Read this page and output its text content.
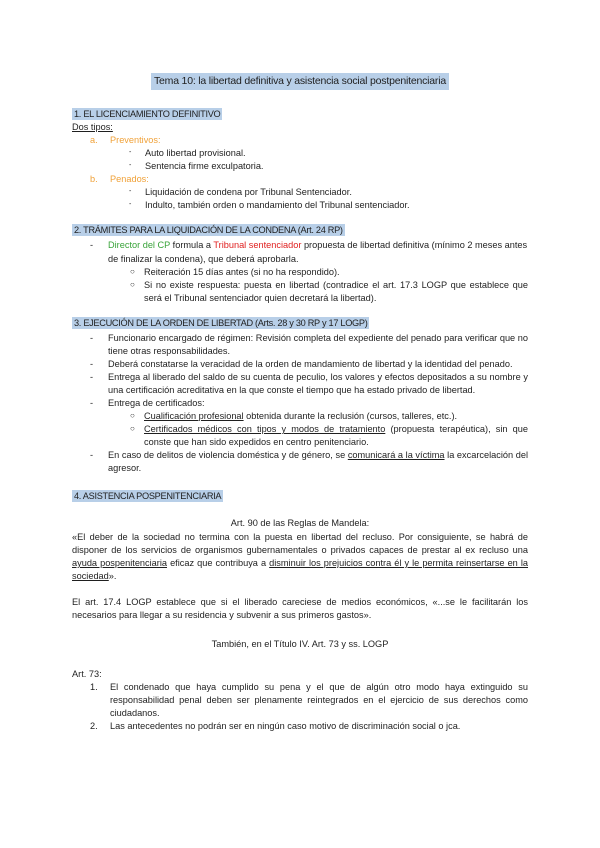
Tema 10: la libertad definitiva y asistencia social postpenitenciaria
1. EL LICENCIAMIENTO DEFINITIVO
Dos tipos:
a.	Preventivos:
-	Auto libertad provisional.
-	Sentencia firme exculpatoria.
b.	Penados:
-	Liquidación de condena por Tribunal Sentenciador.
-	Indulto, también orden o mandamiento del Tribunal sentenciador.
2. TRÁMITES PARA LA LIQUIDACIÓN DE LA CONDENA (Art. 24 RP)
-	Director del CP formula a Tribunal sentenciador propuesta de libertad definitiva (mínimo 2 meses antes de finalizar la condena), que deberá aprobarla.
○ Reiteración 15 días antes (si no ha respondido).
○ Si no existe respuesta: puesta en libertad (contradice el art. 17.3 LOGP que establece que será el Tribunal sentenciador quien decretará la libertad).
3. EJECUCIÓN DE LA ORDEN DE LIBERTAD (Arts. 28 y 30 RP y 17 LOGP)
-	Funcionario encargado de régimen: Revisión completa del expediente del penado para verificar que no tiene otras responsabilidades.
-	Deberá constatarse la veracidad de la orden de mandamiento de libertad y la identidad del penado.
-	Entrega al liberado del saldo de su cuenta de peculio, los valores y efectos depositados a su nombre y una certificación acreditativa en la que conste el tiempo que ha estado privado de libertad.
-	Entrega de certificados:
○ Cualificación profesional obtenida durante la reclusión (cursos, talleres, etc.).
○ Certificados médicos con tipos y modos de tratamiento (propuesta terapéutica), sin que conste que han sido expedidos en centro penitenciario.
-	En caso de delitos de violencia doméstica y de género, se comunicará a la víctima la excarcelación del agresor.
4. ASISTENCIA POSPENITENCIARIA
Art. 90 de las Reglas de Mandela:
«El deber de la sociedad no termina con la puesta en libertad del recluso. Por consiguiente, se habrá de disponer de los servicios de organismos gubernamentales o privados capaces de prestar al ex recluso una ayuda pospenitenciaria eficaz que contribuya a disminuir los prejuicios contra él y le permita reinsertarse en la sociedad».
El art. 17.4 LOGP establece que si el liberado careciese de medios económicos, «...se le facilitarán los necesarios para llegar a su residencia y subvenir a sus primeros gastos».
También, en el Título IV. Art. 73 y ss. LOGP
Art. 73:
1.	El condenado que haya cumplido su pena y el que de algún otro modo haya extinguido su responsabilidad penal deben ser plenamente reintegrados en el ejercicio de sus derechos como ciudadanos.
2.	Las antecedentes no podrán ser en ningún caso motivo de discriminación social o jca.
